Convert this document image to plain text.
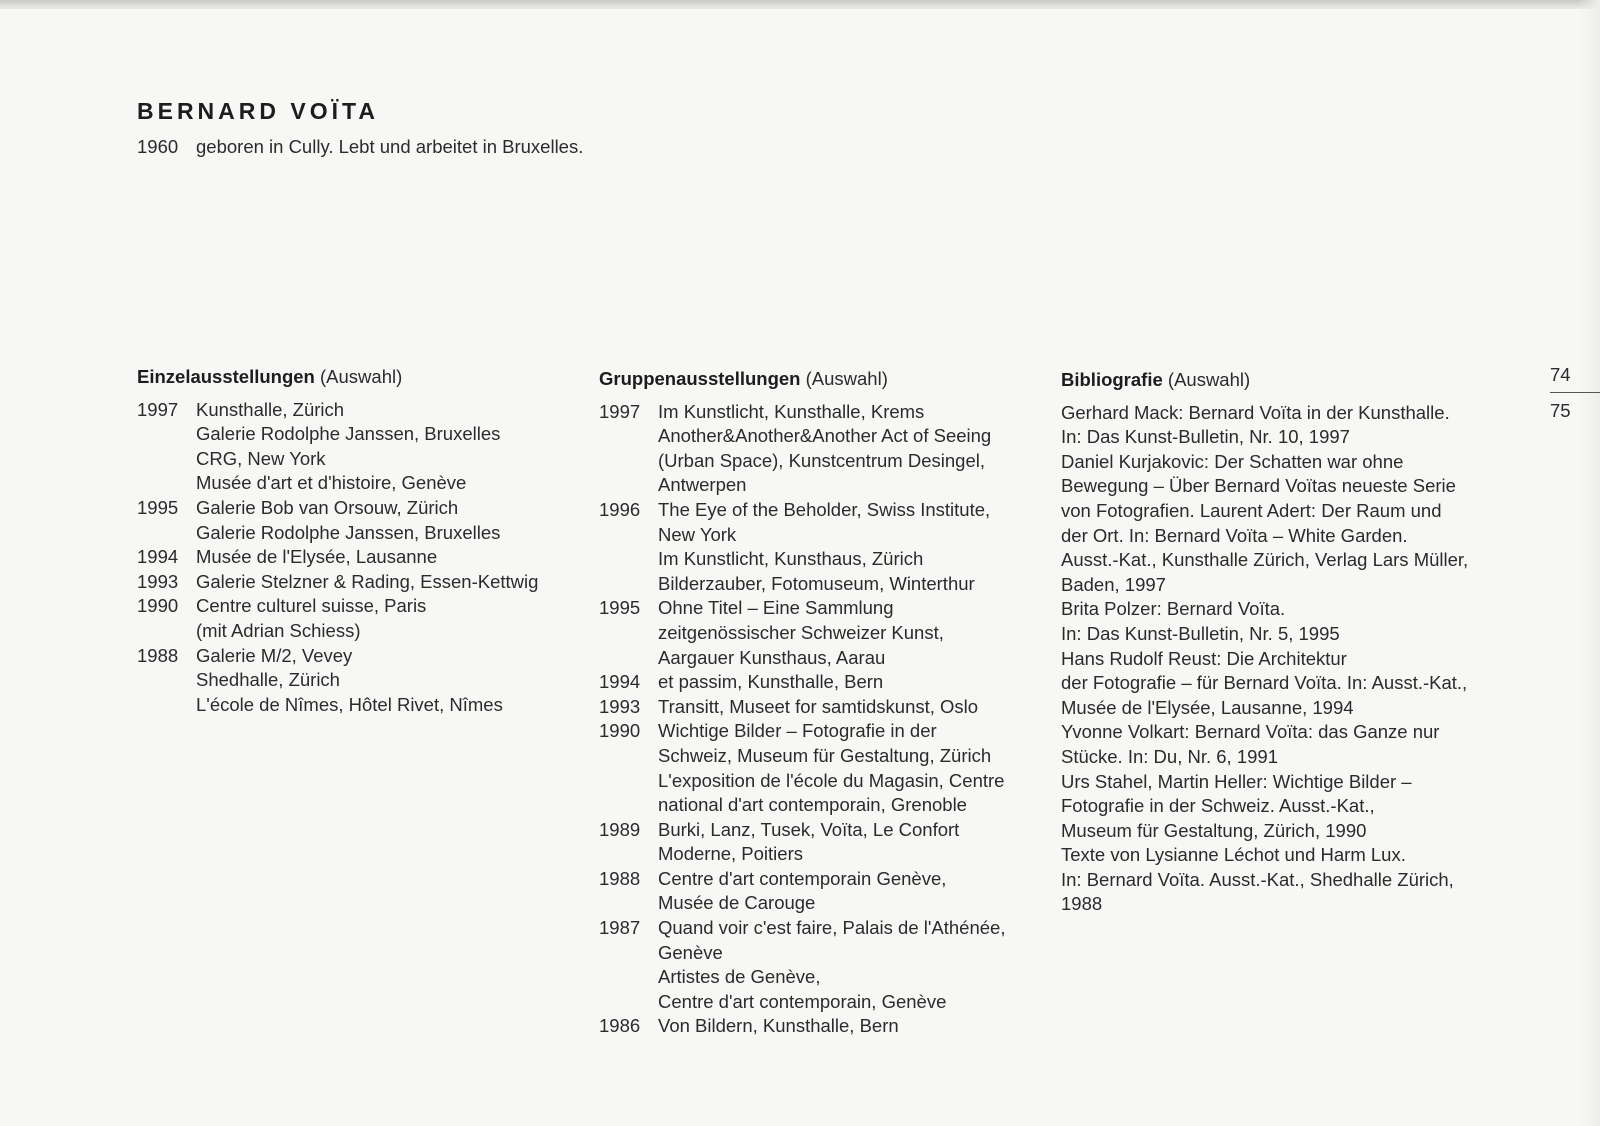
BERNARD VOÏTA
1960 geboren in Cully. Lebt und arbeitet in Bruxelles.
Einzelausstellungen (Auswahl)
1997 Kunsthalle, Zürich
Galerie Rodolphe Janssen, Bruxelles
CRG, New York
Musée d'art et d'histoire, Genève
1995 Galerie Bob van Orsouw, Zürich
Galerie Rodolphe Janssen, Bruxelles
1994 Musée de l'Elysée, Lausanne
1993 Galerie Stelzner & Rading, Essen-Kettwig
1990 Centre culturel suisse, Paris
(mit Adrian Schiess)
1988 Galerie M/2, Vevey
Shedhalle, Zürich
L'école de Nîmes, Hôtel Rivet, Nîmes
Gruppenausstellungen (Auswahl)
1997 Im Kunstlicht, Kunsthalle, Krems
Another&Another&Another Act of Seeing
(Urban Space), Kunstcentrum Desingel,
Antwerpen
1996 The Eye of the Beholder, Swiss Institute,
New York
Im Kunstlicht, Kunsthaus, Zürich
Bilderzauber, Fotomuseum, Winterthur
1995 Ohne Titel – Eine Sammlung
zeitgenössischer Schweizer Kunst,
Aargauer Kunsthaus, Aarau
1994 et passim, Kunsthalle, Bern
1993 Transitt, Museet for samtidskunst, Oslo
1990 Wichtige Bilder – Fotografie in der
Schweiz, Museum für Gestaltung, Zürich
L'exposition de l'école du Magasin, Centre
national d'art contemporain, Grenoble
1989 Burki, Lanz, Tusek, Voïta, Le Confort
Moderne, Poitiers
1988 Centre d'art contemporain Genève,
Musée de Carouge
1987 Quand voir c'est faire, Palais de l'Athénée,
Genève
Artistes de Genève,
Centre d'art contemporain, Genève
1986 Von Bildern, Kunsthalle, Bern
Bibliografie (Auswahl)
Gerhard Mack: Bernard Voïta in der Kunsthalle.
In: Das Kunst-Bulletin, Nr. 10, 1997
Daniel Kurjakovic: Der Schatten war ohne
Bewegung – Über Bernard Voïtas neueste Serie
von Fotografien. Laurent Adert: Der Raum und
der Ort. In: Bernard Voïta – White Garden.
Ausst.-Kat., Kunsthalle Zürich, Verlag Lars Müller,
Baden, 1997
Brita Polzer: Bernard Voïta.
In: Das Kunst-Bulletin, Nr. 5, 1995
Hans Rudolf Reust: Die Architektur
der Fotografie – für Bernard Voïta. In: Ausst.-Kat.,
Musée de l'Elysée, Lausanne, 1994
Yvonne Volkart: Bernard Voïta: das Ganze nur
Stücke. In: Du, Nr. 6, 1991
Urs Stahel, Martin Heller: Wichtige Bilder –
Fotografie in der Schweiz. Ausst.-Kat.,
Museum für Gestaltung, Zürich, 1990
Texte von Lysianne Léchot und Harm Lux.
In: Bernard Voïta. Ausst.-Kat., Shedhalle Zürich,
1988
74
75
